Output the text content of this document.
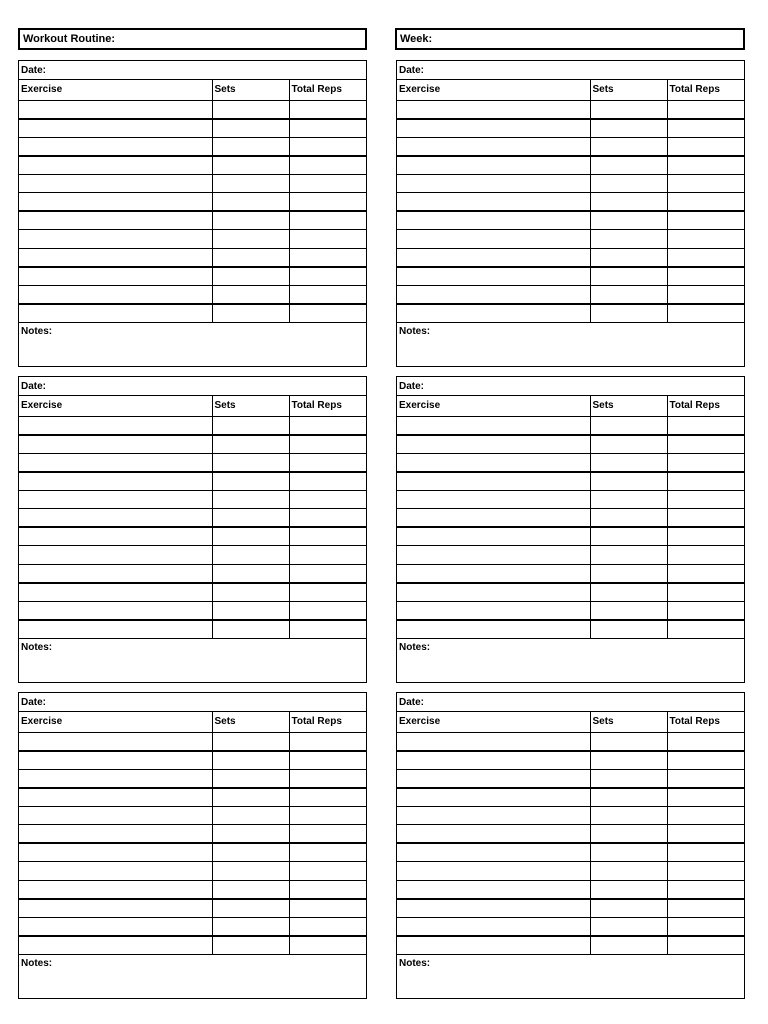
Workout Routine:	Week:
Date:
Exercise	Sets	Total Reps

Notes:
Date:
Exercise	Sets	Total Reps

Notes:
Date:
Exercise	Sets	Total Reps

Notes:
Date:
Exercise	Sets	Total Reps

Notes:
Date:
Exercise	Sets	Total Reps

Notes:
Date:
Exercise	Sets	Total Reps

Notes:
